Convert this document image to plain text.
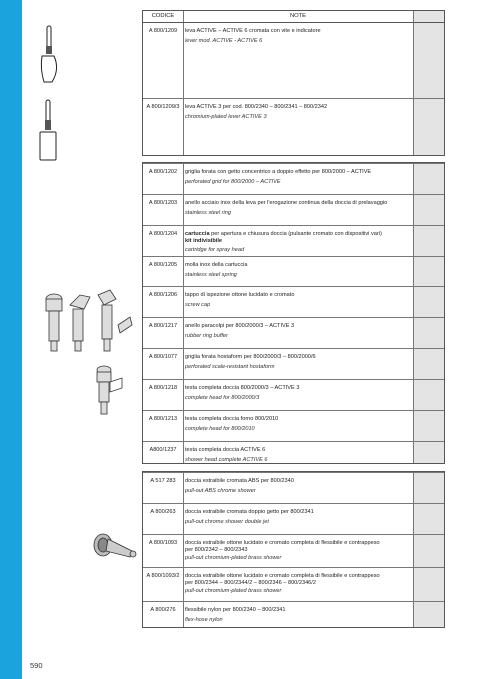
CODICE	NOTE
A 800/1209	leva ACTIVE – ACTIVE 6 cromata con vite e indicatore
lever mod. ACTIVE - ACTIVE 6
A 800/1209/3 leva ACTIVE 3 per cod. 800/2340 – 800/2341 – 800/2342
chromium-plated lever ACTIVE 3
A 800/1202	griglia forata con getto concentrico a doppio effetto per 800/2000 – ACTIVE
perforated grid for 800/2000 – ACTIVE
A 800/1203	anello acciaio inox della leva per l'erogazione continua della doccia di prelavaggio
stainless steel ring
A 800/1204	cartuccia per apertura e chiusura doccia (pulsante cromato con dispositivi vari)
kit indivisibile
cartridge for spray head
A 800/1205	molla inox della cartuccia
stainless steel spring
A 800/1206	tappo di ispezione ottone lucidato e cromato
screw cap
A 800/1217	anello paracolpi per 800/2000/3 – ACTIVE 3
rubber ring buffer
A 800/1077	griglia forata hostaform per 800/2000/3 – 800/2000/6
perforated scale-resistant hostaform
A 800/1218	testa completa doccia 800/2000/3 – ACTIVE 3
complete head for 800/2000/3
A 800/1213	testa completa doccia forno 800/2010
complete head for 800/2010
A800/1237	testa completa doccia ACTIVE 6
shower head complete ACTIVE 6
A 517 283	doccia estraibile cromata ABS per 800/2340
pull-out ABS chrome shower
A 800/263	doccia estraibile cromata doppio getto per 800/2341
pull-out chrome shower double jet
A 800/1093	doccia estraibile ottone lucidato e cromato completa di flessibile e contrappeso
per 800/2342 – 800/2343
pull-out chromium-plated brass shower
A 800/1093/2 doccia estraibile ottone lucidato e cromato completa di flessibile e contrappeso
per 800/2344 – 800/2344/2 – 800/2346 – 800/2346/2
pull-out chromium-plated brass shower
A 800/276	flessibile nylon per 800/2340 – 800/2341
flex-hose nylon
590
